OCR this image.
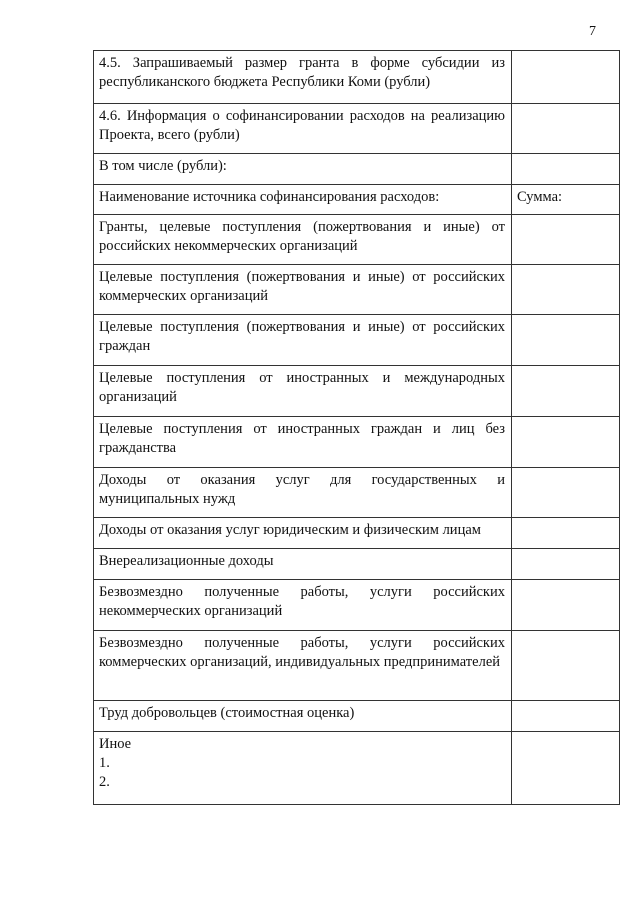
7
4.5. Запрашиваемый размер гранта в форме субсидии из республиканского бюджета Республики Коми (рубли)	
4.6. Информация о софинансировании расходов на реализацию Проекта, всего (рубли)	
В том числе (рубли):	
Наименование источника софинансирования расходов:	Сумма:
Гранты, целевые поступления (пожертвования и иные) от российских некоммерческих организаций	
Целевые поступления (пожертвования и иные) от российских коммерческих организаций	
Целевые поступления (пожертвования и иные) от российских граждан	
Целевые поступления от иностранных и международных организаций	
Целевые поступления от иностранных граждан и лиц без гражданства	
Доходы от оказания услуг для государственных и муниципальных нужд	
Доходы от оказания услуг юридическим и физическим лицам	
Внереализационные доходы	
Безвозмездно полученные работы, услуги российских некоммерческих организаций	
Безвозмездно полученные работы, услуги российских коммерческих организаций, индивидуальных предпринимателей	
Труд добровольцев (стоимостная оценка)	

Иное
1.
2.	
